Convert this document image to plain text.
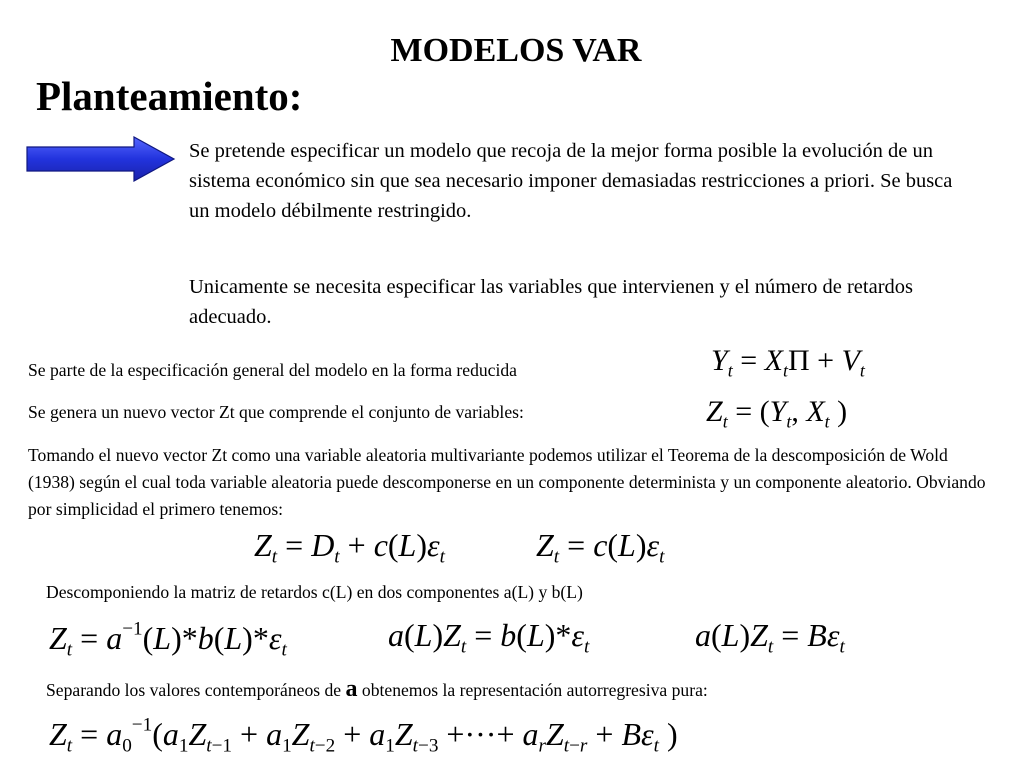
MODELOS VAR
Planteamiento:
Se pretende especificar un modelo que recoja de la mejor forma posible la evolución de un sistema económico sin que sea necesario imponer demasiadas restricciones a priori. Se busca un modelo débilmente restringido.
Unicamente se necesita especificar las variables que intervienen y el número de retardos adecuado.
Se parte de la especificación general del modelo en la forma reducida
Se genera un nuevo vector Zt que comprende el conjunto de variables:
Tomando el nuevo vector Zt como una variable aleatoria multivariante podemos utilizar el Teorema de la descomposición de Wold (1938) según el cual toda variable aleatoria puede descomponerse en un componente determinista y un componente aleatorio. Obviando por simplicidad el primero tenemos:
Descomponiendo la matriz de retardos c(L) en dos componentes a(L) y b(L)
Separando los valores contemporáneos de a obtenemos la representación autorregresiva pura:
$Y_t = X_t\Pi + V_t$
$Z_t = (Y_t$, $X_t$ )
$Z_t = D_t + c(L)\varepsilon_t$	$Z_t = c(L)\varepsilon_t$
$Z_t = a^{-1}(L)*b(L)*\varepsilon_t$	$a(L)Z_t = b(L)*\varepsilon_t$	$a(L)Z_t = B\varepsilon_t$
$Z_t = a_0^{-1}(a_1Z_{t-1} + a_1Z_{t-2} + a_1Z_{t-3}$ +···+ $a_rZ_{t-r} + B\varepsilon_t$ )
